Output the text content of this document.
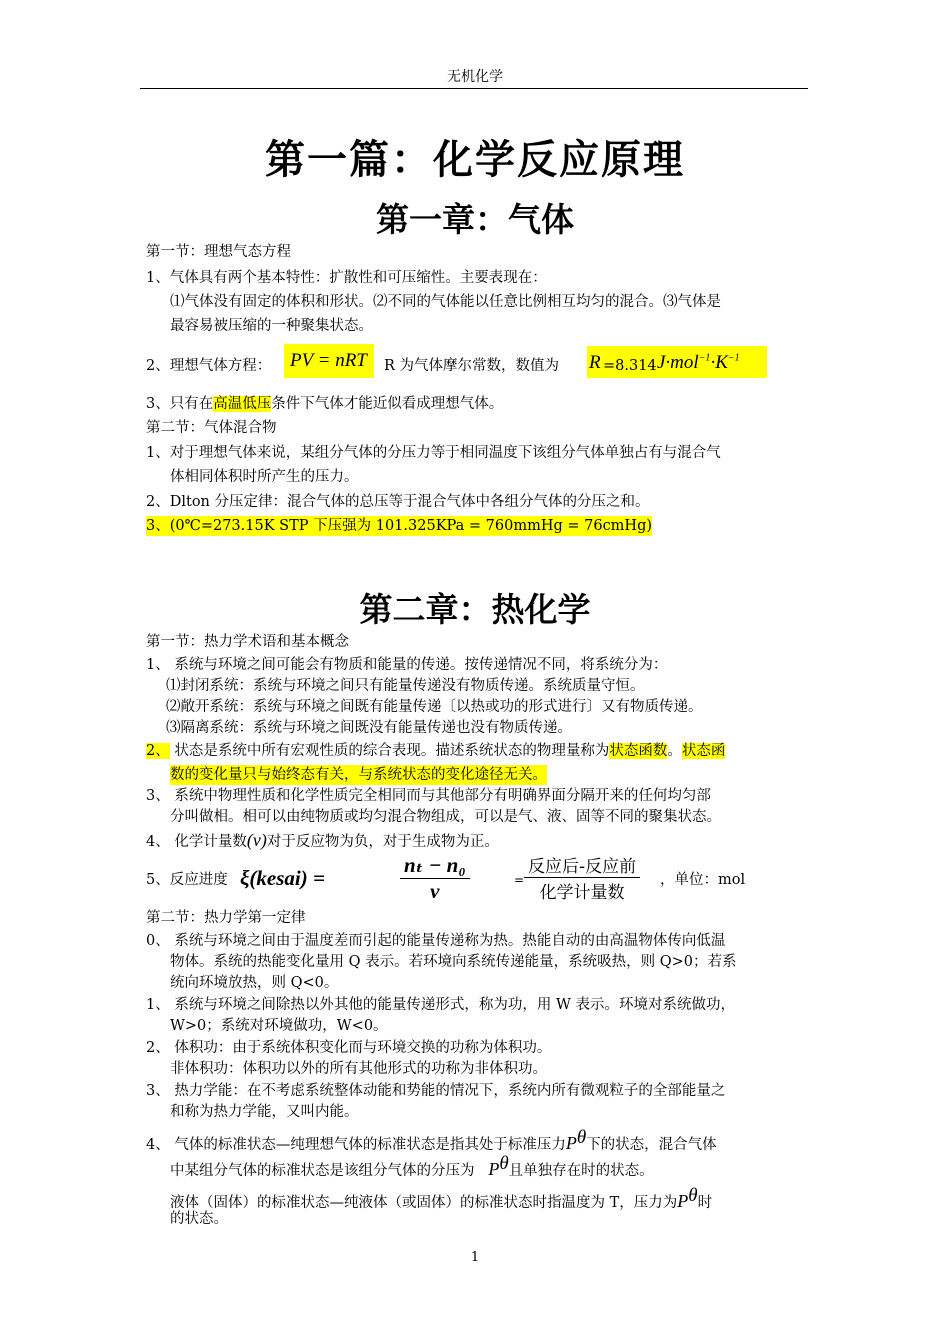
无机化学
第一篇：化学反应原理
第一章：气体
第一节：理想气态方程
1、气体具有两个基本特性：扩散性和可压缩性。主要表现在：
⑴气体没有固定的体积和形状。⑵不同的气体能以任意比例相互均匀的混合。⑶气体是
最容易被压缩的一种聚集状态。
2、理想气体方程： PV = nRT R 为气体摩尔常数，数值为 R =8.314 $J\cdot mol^{-1}\cdot K^{-1}$
3、只有在高温低压条件下气体才能近似看成理想气体。
第二节：气体混合物
1、对于理想气体来说，某组分气体的分压力等于相同温度下该组分气体单独占有与混合气
体相同体积时所产生的压力。
2、Dlton 分压定律：混合气体的总压等于混合气体中各组分气体的分压之和。
3、(0℃=273.15K STP 下压强为 101.325KPa = 760mmHg = 76cmHg)
第二章：热化学
第一节：热力学术语和基本概念
1、 系统与环境之间可能会有物质和能量的传递。按传递情况不同，将系统分为：
⑴封闭系统：系统与环境之间只有能量传递没有物质传递。系统质量守恒。
⑵敞开系统：系统与环境之间既有能量传递〔以热或功的形式进行〕又有物质传递。
⑶隔离系统：系统与环境之间既没有能量传递也没有物质传递。
2、 状态是系统中所有宏观性质的综合表现。描述系统状态的物理量称为状态函数。状态函
数的变化量只与始终态有关，与系统状态的变化途径无关。
3、 系统中物理性质和化学性质完全相同而与其他部分有明确界面分隔开来的任何均匀部
分叫做相。相可以由纯物质或均匀混合物组成，可以是气、液、固等不同的聚集状态。
4、 化学计量数(ν)对于反应物为负，对于生成物为正。
5、反应进度 ξ(kesai) =	$\frac{\text{nₜ − n₀}}{\nu}$	=
反应后-反应前
化学计量数
，单位：mol
第二节：热力学第一定律
0、 系统与环境之间由于温度差而引起的能量传递称为热。热能自动的由高温物体传向低温
物体。系统的热能变化量用 Q 表示。若环境向系统传递能量，系统吸热，则 Q>0；若系
统向环境放热，则 Q<0。
1、 系统与环境之间除热以外其他的能量传递形式，称为功，用 W 表示。环境对系统做功，
W>0；系统对环境做功，W<0。
2、 体积功：由于系统体积变化而与环境交换的功称为体积功。
非体积功：体积功以外的所有其他形式的功称为非体积功。
3、 热力学能：在不考虑系统整体动能和势能的情况下，系统内所有微观粒子的全部能量之
和称为热力学能，又叫内能。
4、 气体的标准状态—纯理想气体的标准状态是指其处于标准压力$P^\theta$下的状态，混合气体
中某组分气体的标准状态是该组分气体的分压为 $P^\theta$且单独存在时的状态。
液体（固体）的标准状态—纯液体（或固体）的标准状态时指温度为 T，压力为$P^\theta$时
的状态。
1
